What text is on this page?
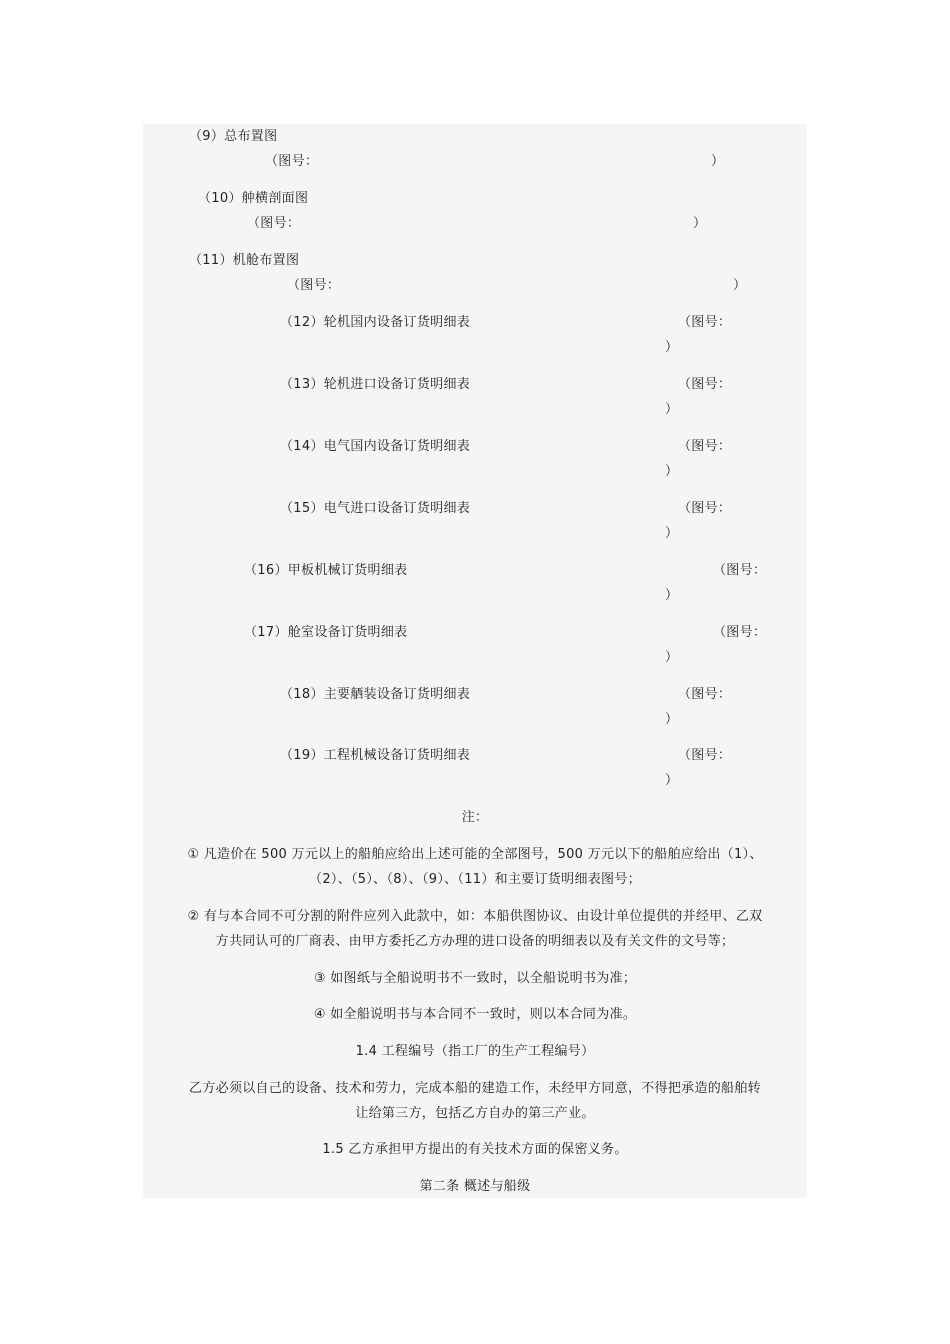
（9）总布置图
（图号：	）
（10）舯横剖面图
（图号：	）
（11）机舱布置图
（图号：	）
（12）轮机国内设备订货明细表	（图号：
）
（13）轮机进口设备订货明细表	（图号：
）
（14）电气国内设备订货明细表	（图号：
）
（15）电气进口设备订货明细表	（图号：
）
（16）甲板机械订货明细表	（图号：
）
（17）舱室设备订货明细表	（图号：
）
（18）主要舾装设备订货明细表	（图号：
）
（19）工程机械设备订货明细表	（图号：
）
注：
① 凡造价在 500 万元以上的船舶应给出上述可能的全部图号，500 万元以下的船舶应给出（1）、
（2）、（5）、（8）、（9）、（11）和主要订货明细表图号；
② 有与本合同不可分割的附件应列入此款中，如：本船供图协议、由设计单位提供的并经甲、乙双
方共同认可的厂商表、由甲方委托乙方办理的进口设备的明细表以及有关文件的文号等；
③ 如图纸与全船说明书不一致时，以全船说明书为准；
④ 如全船说明书与本合同不一致时，则以本合同为准。
1.4 工程编号（指工厂的生产工程编号）
乙方必须以自己的设备、技术和劳力，完成本船的建造工作，未经甲方同意，不得把承造的船舶转
让给第三方，包括乙方自办的第三产业。
1.5 乙方承担甲方提出的有关技术方面的保密义务。
第二条 概述与船级
